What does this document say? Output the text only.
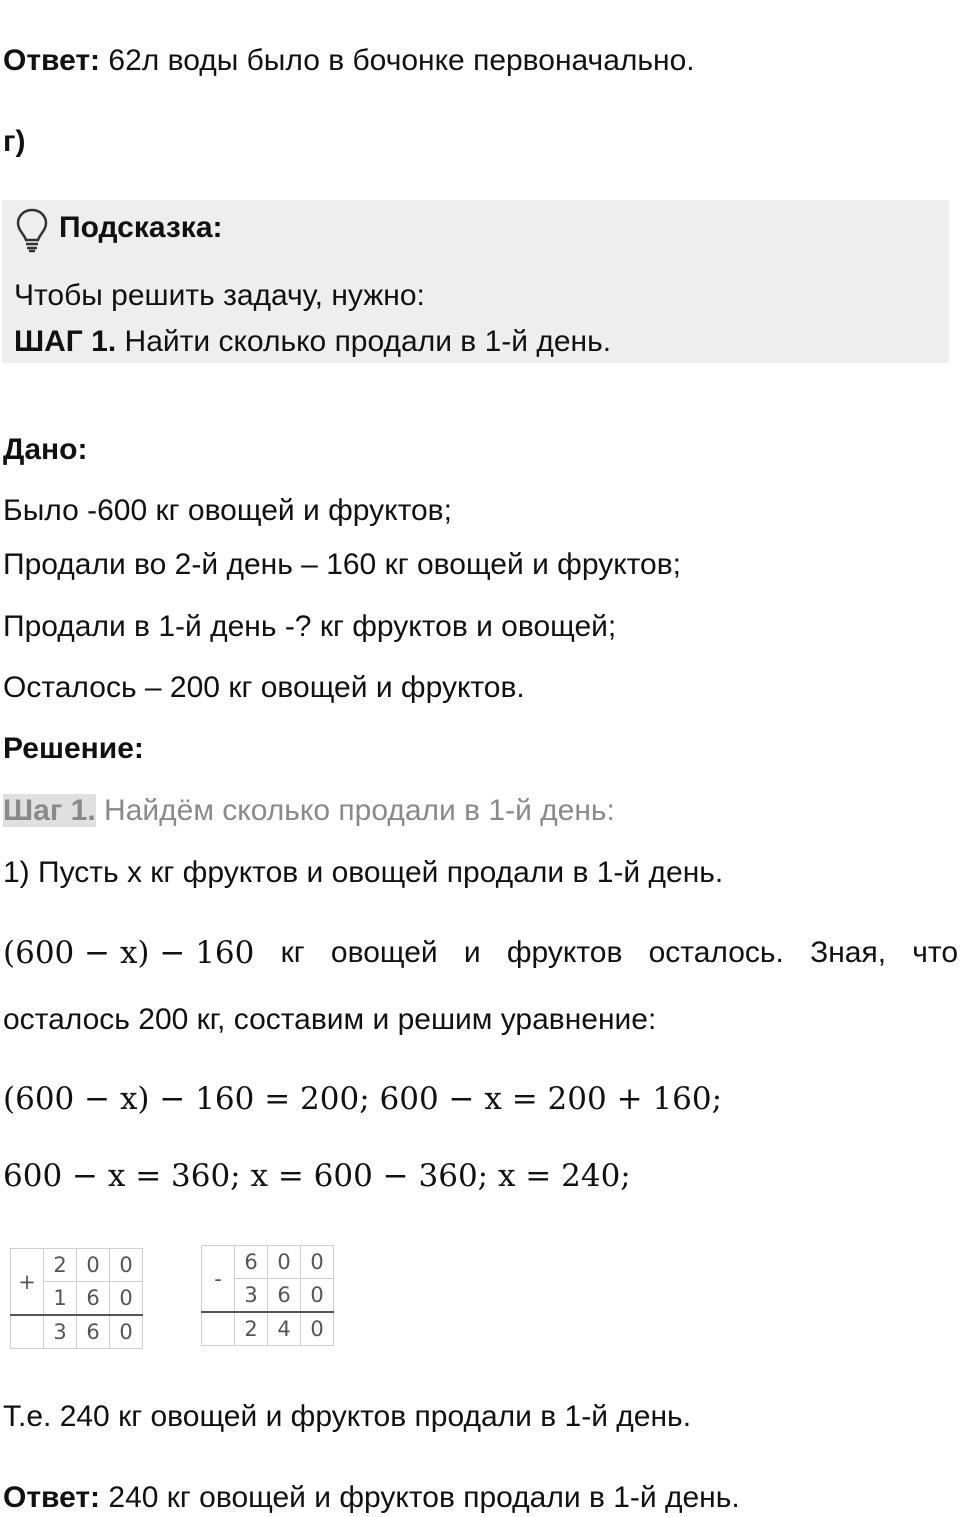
Ответ: 62л воды было в бочонке первоначально.
г)
Подсказка:
Чтобы решить задачу, нужно:
ШАГ 1. Найти сколько продали в 1-й день.
Дано:
Было -600 кг овощей и фруктов;
Продали во 2-й день – 160 кг овощей и фруктов;
Продали в 1-й день -? кг фруктов и овощей;
Осталось – 200 кг овощей и фруктов.
Решение:
Шаг 1. Найдём сколько продали в 1-й день:
1) Пусть х кг фруктов и овощей продали в 1-й день.
(600 − x) − 160 кг овощей и фруктов осталось. Зная, что
осталось 200 кг, составим и решим уравнение:
(600 − x) − 160 = 200; 600 − x = 200 + 160;
600 − x = 360; x = 600 − 360; x = 240;
+	2	0	0
	1	6	0
	3	6	0
-	6	0	0
	3	6	0
	2	4	0
Т.е. 240 кг овощей и фруктов продали в 1-й день.
Ответ: 240 кг овощей и фруктов продали в 1-й день.
